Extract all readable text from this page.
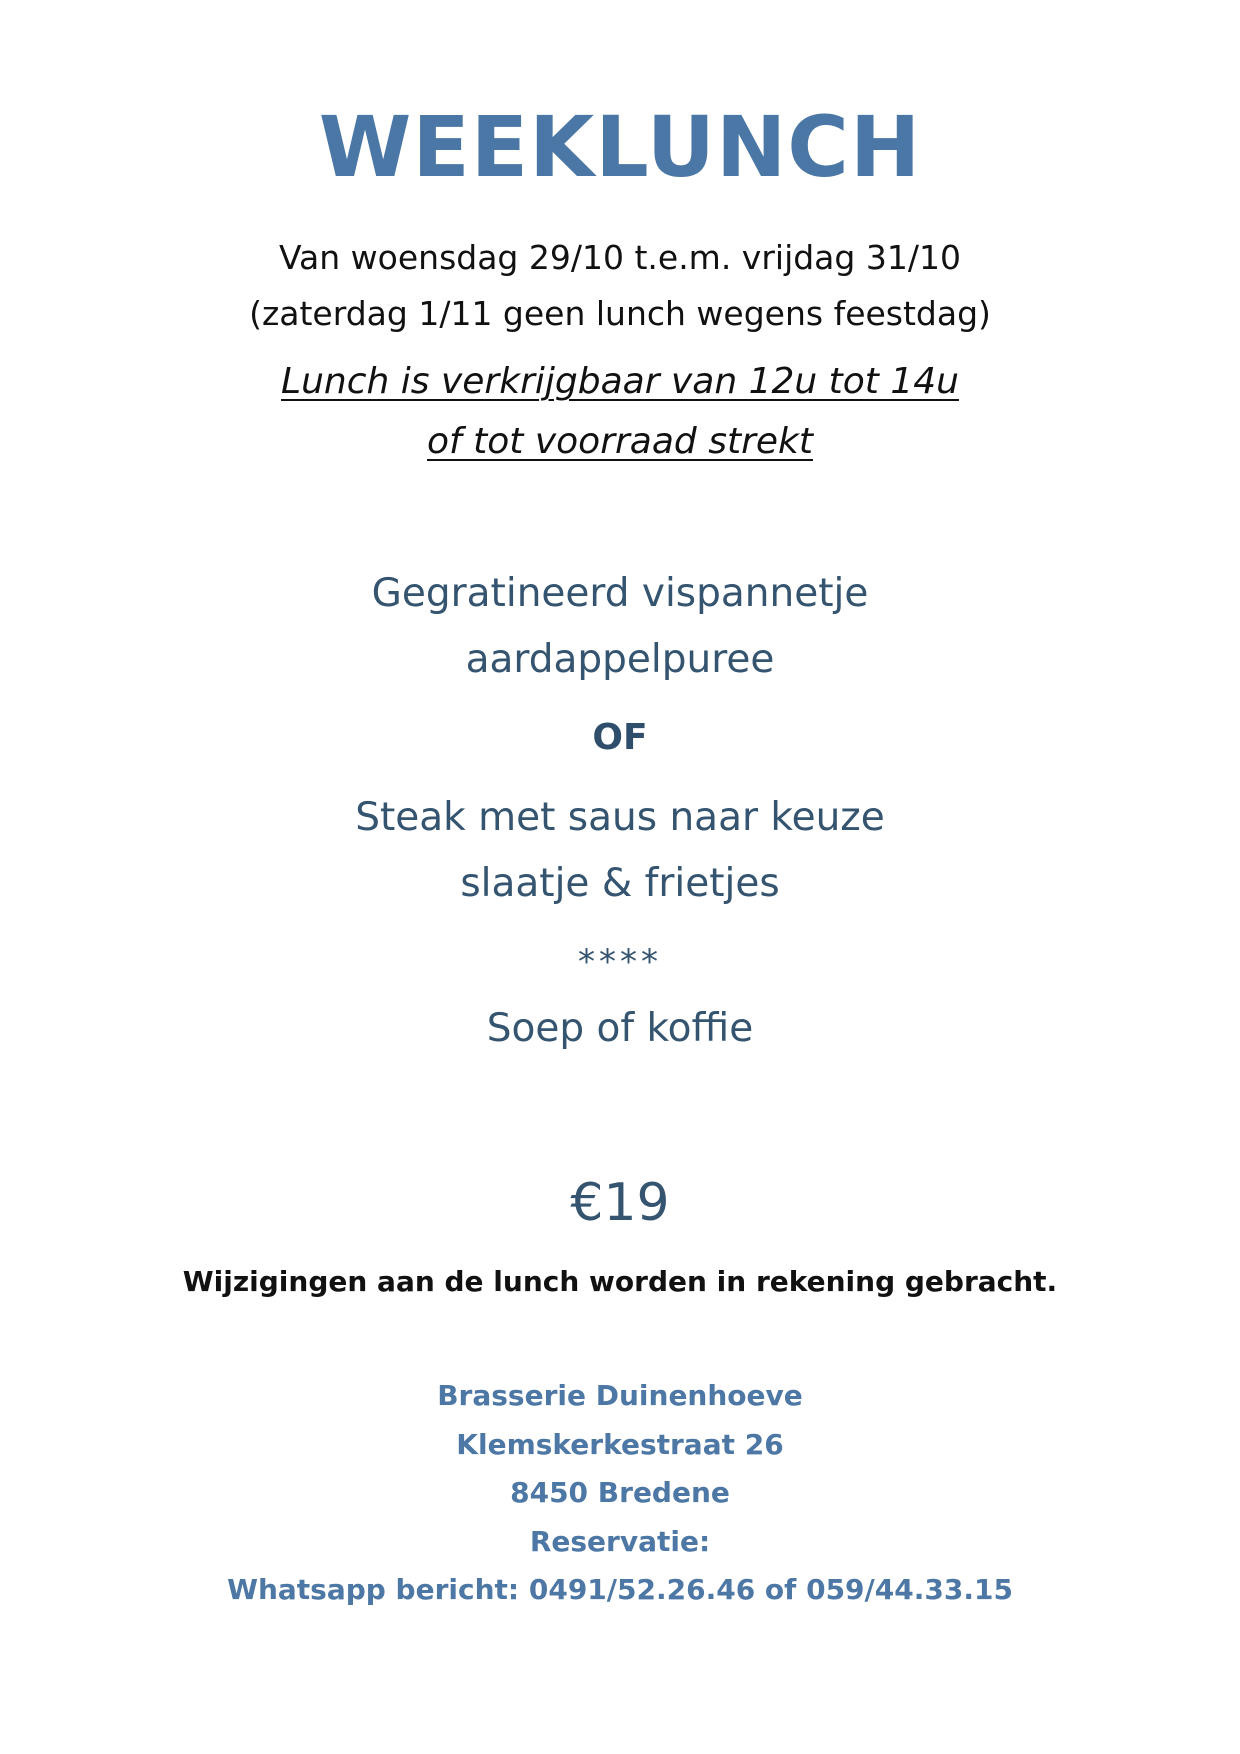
WEEKLUNCH
Van woensdag 29/10 t.e.m. vrijdag 31/10
(zaterdag 1/11 geen lunch wegens feestdag)
Lunch is verkrijgbaar van 12u tot 14u
of tot voorraad strekt
Gegratineerd vispannetje
aardappelpuree
OF
Steak met saus naar keuze
slaatje & frietjes
****
Soep of koffie
€19
Wijzigingen aan de lunch worden in rekening gebracht.
Brasserie Duinenhoeve
Klemskerkestraat 26
8450 Bredene
Reservatie:
Whatsapp bericht: 0491/52.26.46 of 059/44.33.15
